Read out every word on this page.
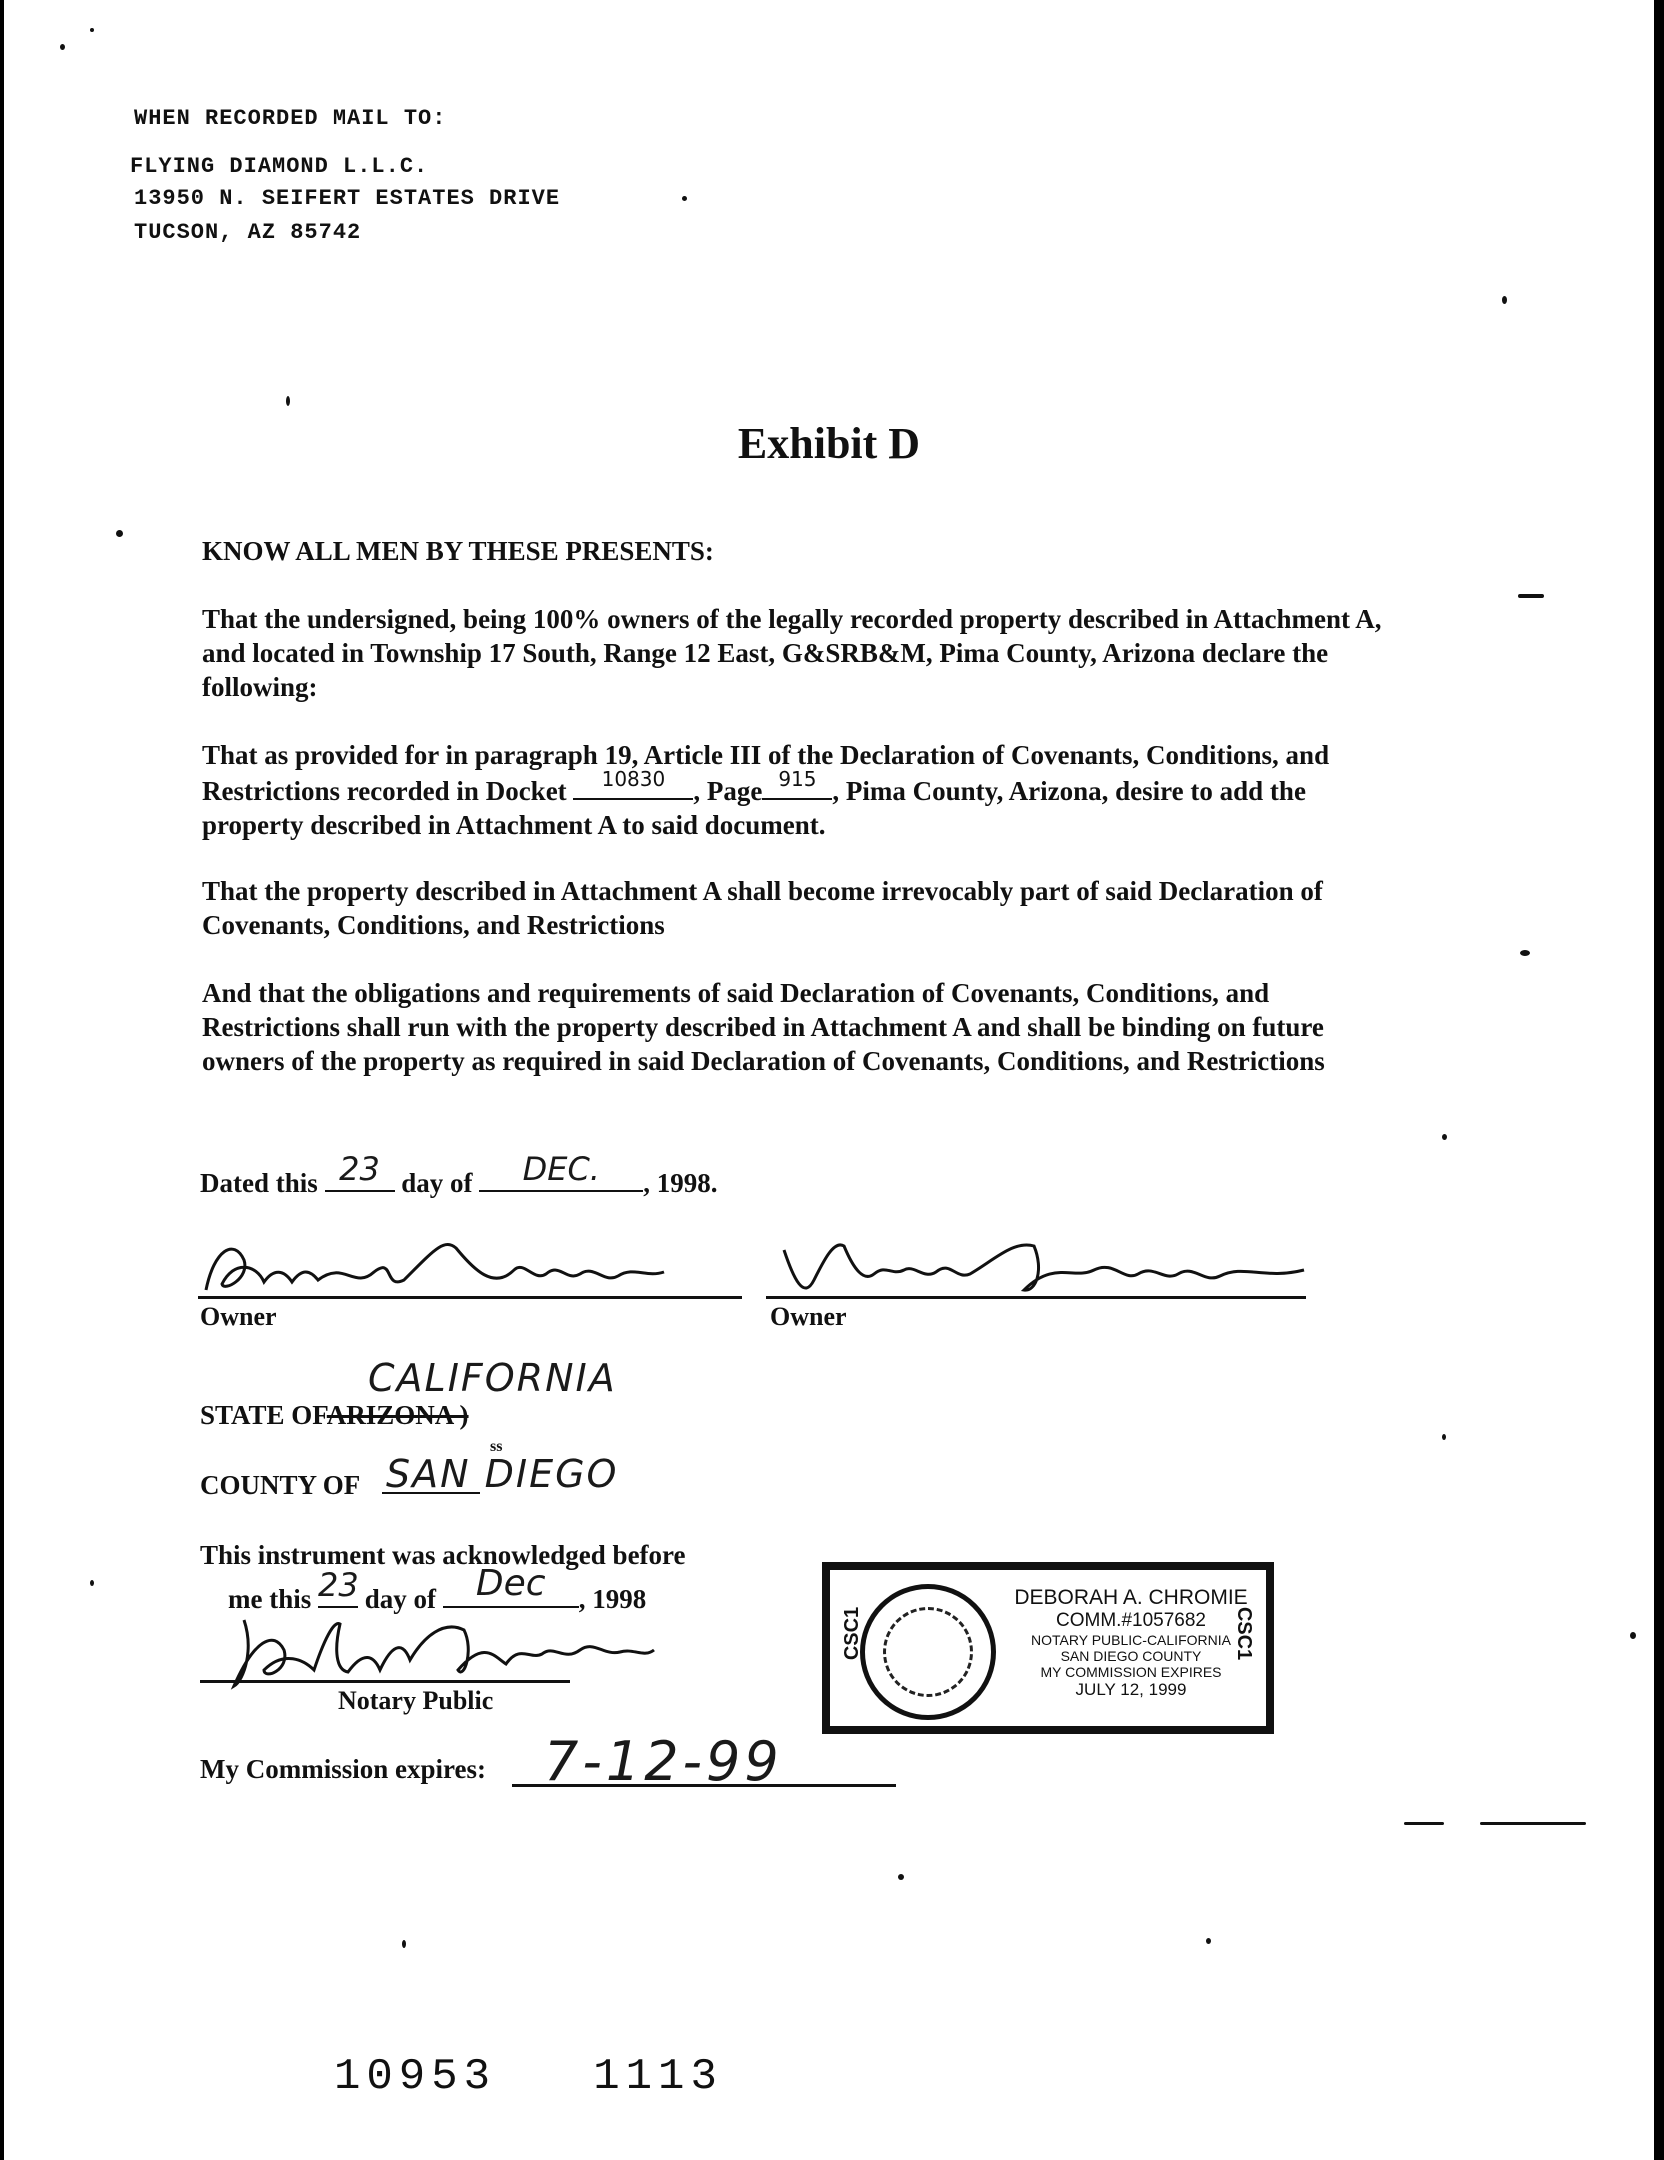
WHEN RECORDED MAIL TO:
FLYING DIAMOND L.L.C.
13950 N. SEIFERT ESTATES DRIVE
TUCSON, AZ 85742
Exhibit D
KNOW ALL MEN BY THESE PRESENTS:
That the undersigned, being 100% owners of the legally recorded property described in Attachment A, and located in Township 17 South, Range 12 East, G&SRB&M, Pima County, Arizona declare the following:
That as provided for in paragraph 19, Article III of the Declaration of Covenants, Conditions, and Restrictions recorded in Docket	10830	, Page 915 , Pima County, Arizona, desire to add the property described in Attachment A to said document.
That the property described in Attachment A shall become irrevocably part of said Declaration of Covenants, Conditions, and Restrictions
And that the obligations and requirements of said Declaration of Covenants, Conditions, and Restrictions shall run with the property described in Attachment A and shall be binding on future owners of the property as required in said Declaration of Covenants, Conditions, and Restrictions
Dated this 23 day of	DEC.	, 1998.
Owner	Owner
STATE OFARIZONA )
CALIFORNIA
COUNTY OF SAN DIEGO
ss
This instrument was acknowledged before
me this 23 day of	Dec	, 1998
Notary Public
My Commission expires: 7-12-99
CSC1	CSC1
DEBORAH A. CHROMIE
COMM.#1057682
NOTARY PUBLIC-CALIFORNIA
SAN DIEGO COUNTY
MY COMMISSION EXPIRES
JULY 12, 1999
10953 1113
